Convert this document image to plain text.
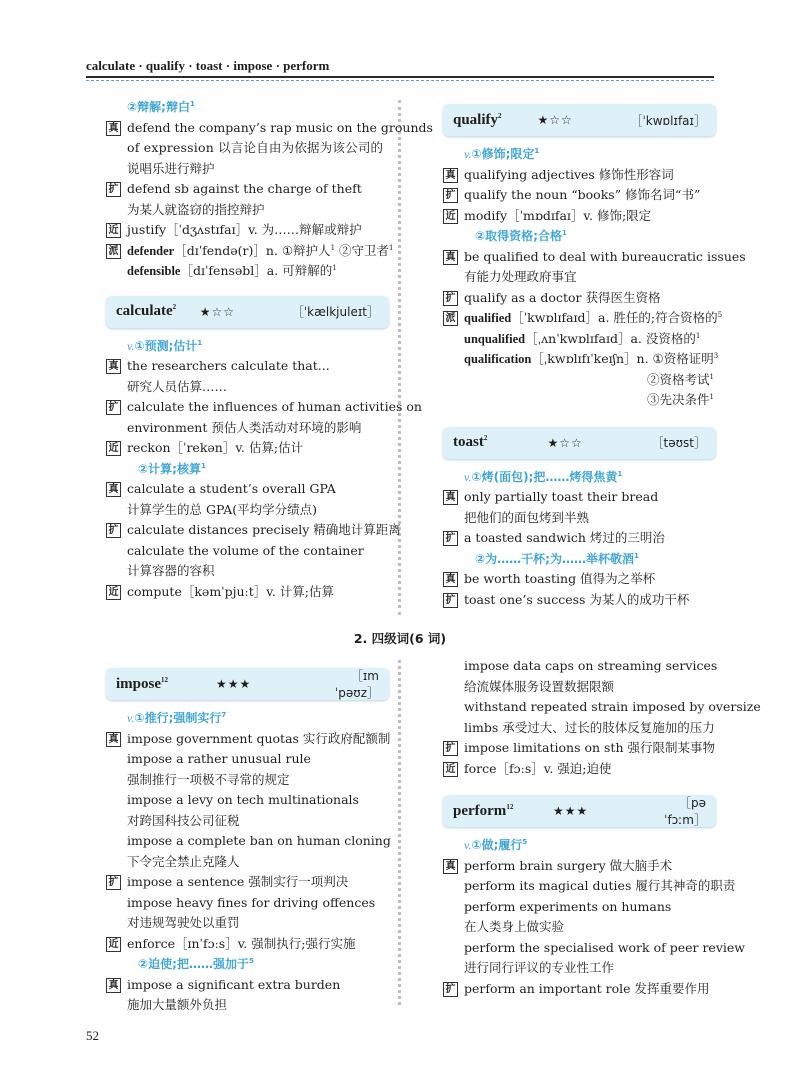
calculate · qualify · toast · impose · perform
②辩解;辩白$^1$
真 defend the company’s rap music on the grounds
of expression 以言论自由为依据为该公司的
说唱乐进行辩护
扩 defend sb against the charge of theft
为某人就盗窃的指控辩护
近 justify［ˈdʒʌstɪfaɪ］v. 为……辩解或辩护
派 defender［dɪˈfendə(r)］n. ①辩护人$^1$ ②守卫者$^1$
defensible［dɪˈfensəbl］a. 可辩解的$^1$
calculate$^2$	★☆☆	［ˈkælkjuleɪt］
v.①预测;估计$^1$
真 the researchers calculate that...
研究人员估算……
扩 calculate the influences of human activities on
environment 预估人类活动对环境的影响
近 reckon［ˈrekən］v. 估算;估计
②计算;核算$^1$
真 calculate a student’s overall GPA
计算学生的总 GPA(平均学分绩点)
扩 calculate distances precisely 精确地计算距离
calculate the volume of the container
计算容器的容积
近 compute［kəmˈpjuːt］v. 计算;估算
qualify$^2$	★☆☆	［ˈkwɒlɪfaɪ］
v.①修饰;限定$^1$
真 qualifying adjectives 修饰性形容词
扩 qualify the noun “books” 修饰名词“书”
近 modify［ˈmɒdɪfaɪ］v. 修饰;限定
②取得资格;合格$^1$
真 be qualified to deal with bureaucratic issues
有能力处理政府事宜
扩 qualify as a doctor 获得医生资格
派 qualified［ˈkwɒlɪfaɪd］a. 胜任的;符合资格的$^5$
unqualified［ˌʌnˈkwɒlɪfaɪd］a. 没资格的$^1$
qualification［ˌkwɒlɪfɪˈkeɪʃn］n. ①资格证明$^3$
②资格考试$^1$
③先决条件$^1$
toast$^2$	★☆☆	［təʊst］
v.①烤(面包);把……烤得焦黄$^1$
真 only partially toast their bread
把他们的面包烤到半熟
扩 a toasted sandwich 烤过的三明治
②为……干杯;为……举杯敬酒$^1$
真 be worth toasting 值得为之举杯
扩 toast one’s success 为某人的成功干杯
2. 四级词(6 词)
impose$^{12}$	★★★
［ɪmˈpəʊz］
v.①推行;强制实行$^7$
真 impose government quotas 实行政府配额制
impose a rather unusual rule
强制推行一项极不寻常的规定
impose a levy on tech multinationals
对跨国科技公司征税
impose a complete ban on human cloning
下令完全禁止克隆人
扩 impose a sentence 强制实行一项判决
impose heavy fines for driving offences
对违规驾驶处以重罚
近 enforce［ɪnˈfɔːs］v. 强制执行;强行实施
②迫使;把……强加于$^5$
真 impose a significant extra burden
施加大量额外负担
impose data caps on streaming services
给流媒体服务设置数据限额
withstand repeated strain imposed by oversize
limbs 承受过大、过长的肢体反复施加的压力
扩 impose limitations on sth 强行限制某事物
近 force［fɔːs］v. 强迫;迫使
perform$^{12}$	★★★
［pəˈfɔːm］
v.①做;履行$^5$
真 perform brain surgery 做大脑手术
perform its magical duties 履行其神奇的职责
perform experiments on humans
在人类身上做实验
perform the specialised work of peer review
进行同行评议的专业性工作
扩 perform an important role 发挥重要作用
52
